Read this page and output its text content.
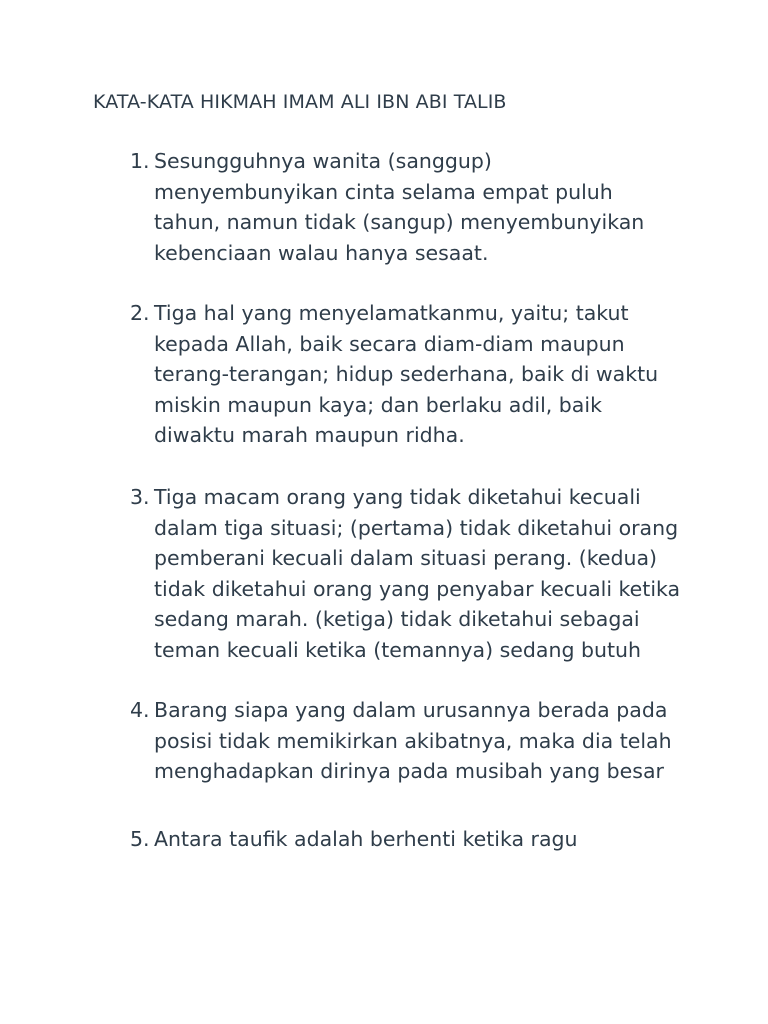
KATA-KATA HIKMAH IMAM ALI IBN ABI TALIB
1. Sesungguhnya wanita (sanggup)
menyembunyikan cinta selama empat puluh
tahun, namun tidak (sangup) menyembunyikan
kebenciaan walau hanya sesaat.
2. Tiga hal yang menyelamatkanmu, yaitu; takut
kepada Allah, baik secara diam-diam maupun
terang-terangan; hidup sederhana, baik di waktu
miskin maupun kaya; dan berlaku adil, baik
diwaktu marah maupun ridha.
3. Tiga macam orang yang tidak diketahui kecuali
dalam tiga situasi; (pertama) tidak diketahui orang
pemberani kecuali dalam situasi perang. (kedua)
tidak diketahui orang yang penyabar kecuali ketika
sedang marah. (ketiga) tidak diketahui sebagai
teman kecuali ketika (temannya) sedang butuh
4. Barang siapa yang dalam urusannya berada pada
posisi tidak memikirkan akibatnya, maka dia telah
menghadapkan dirinya pada musibah yang besar
5. Antara taufik adalah berhenti ketika ragu
